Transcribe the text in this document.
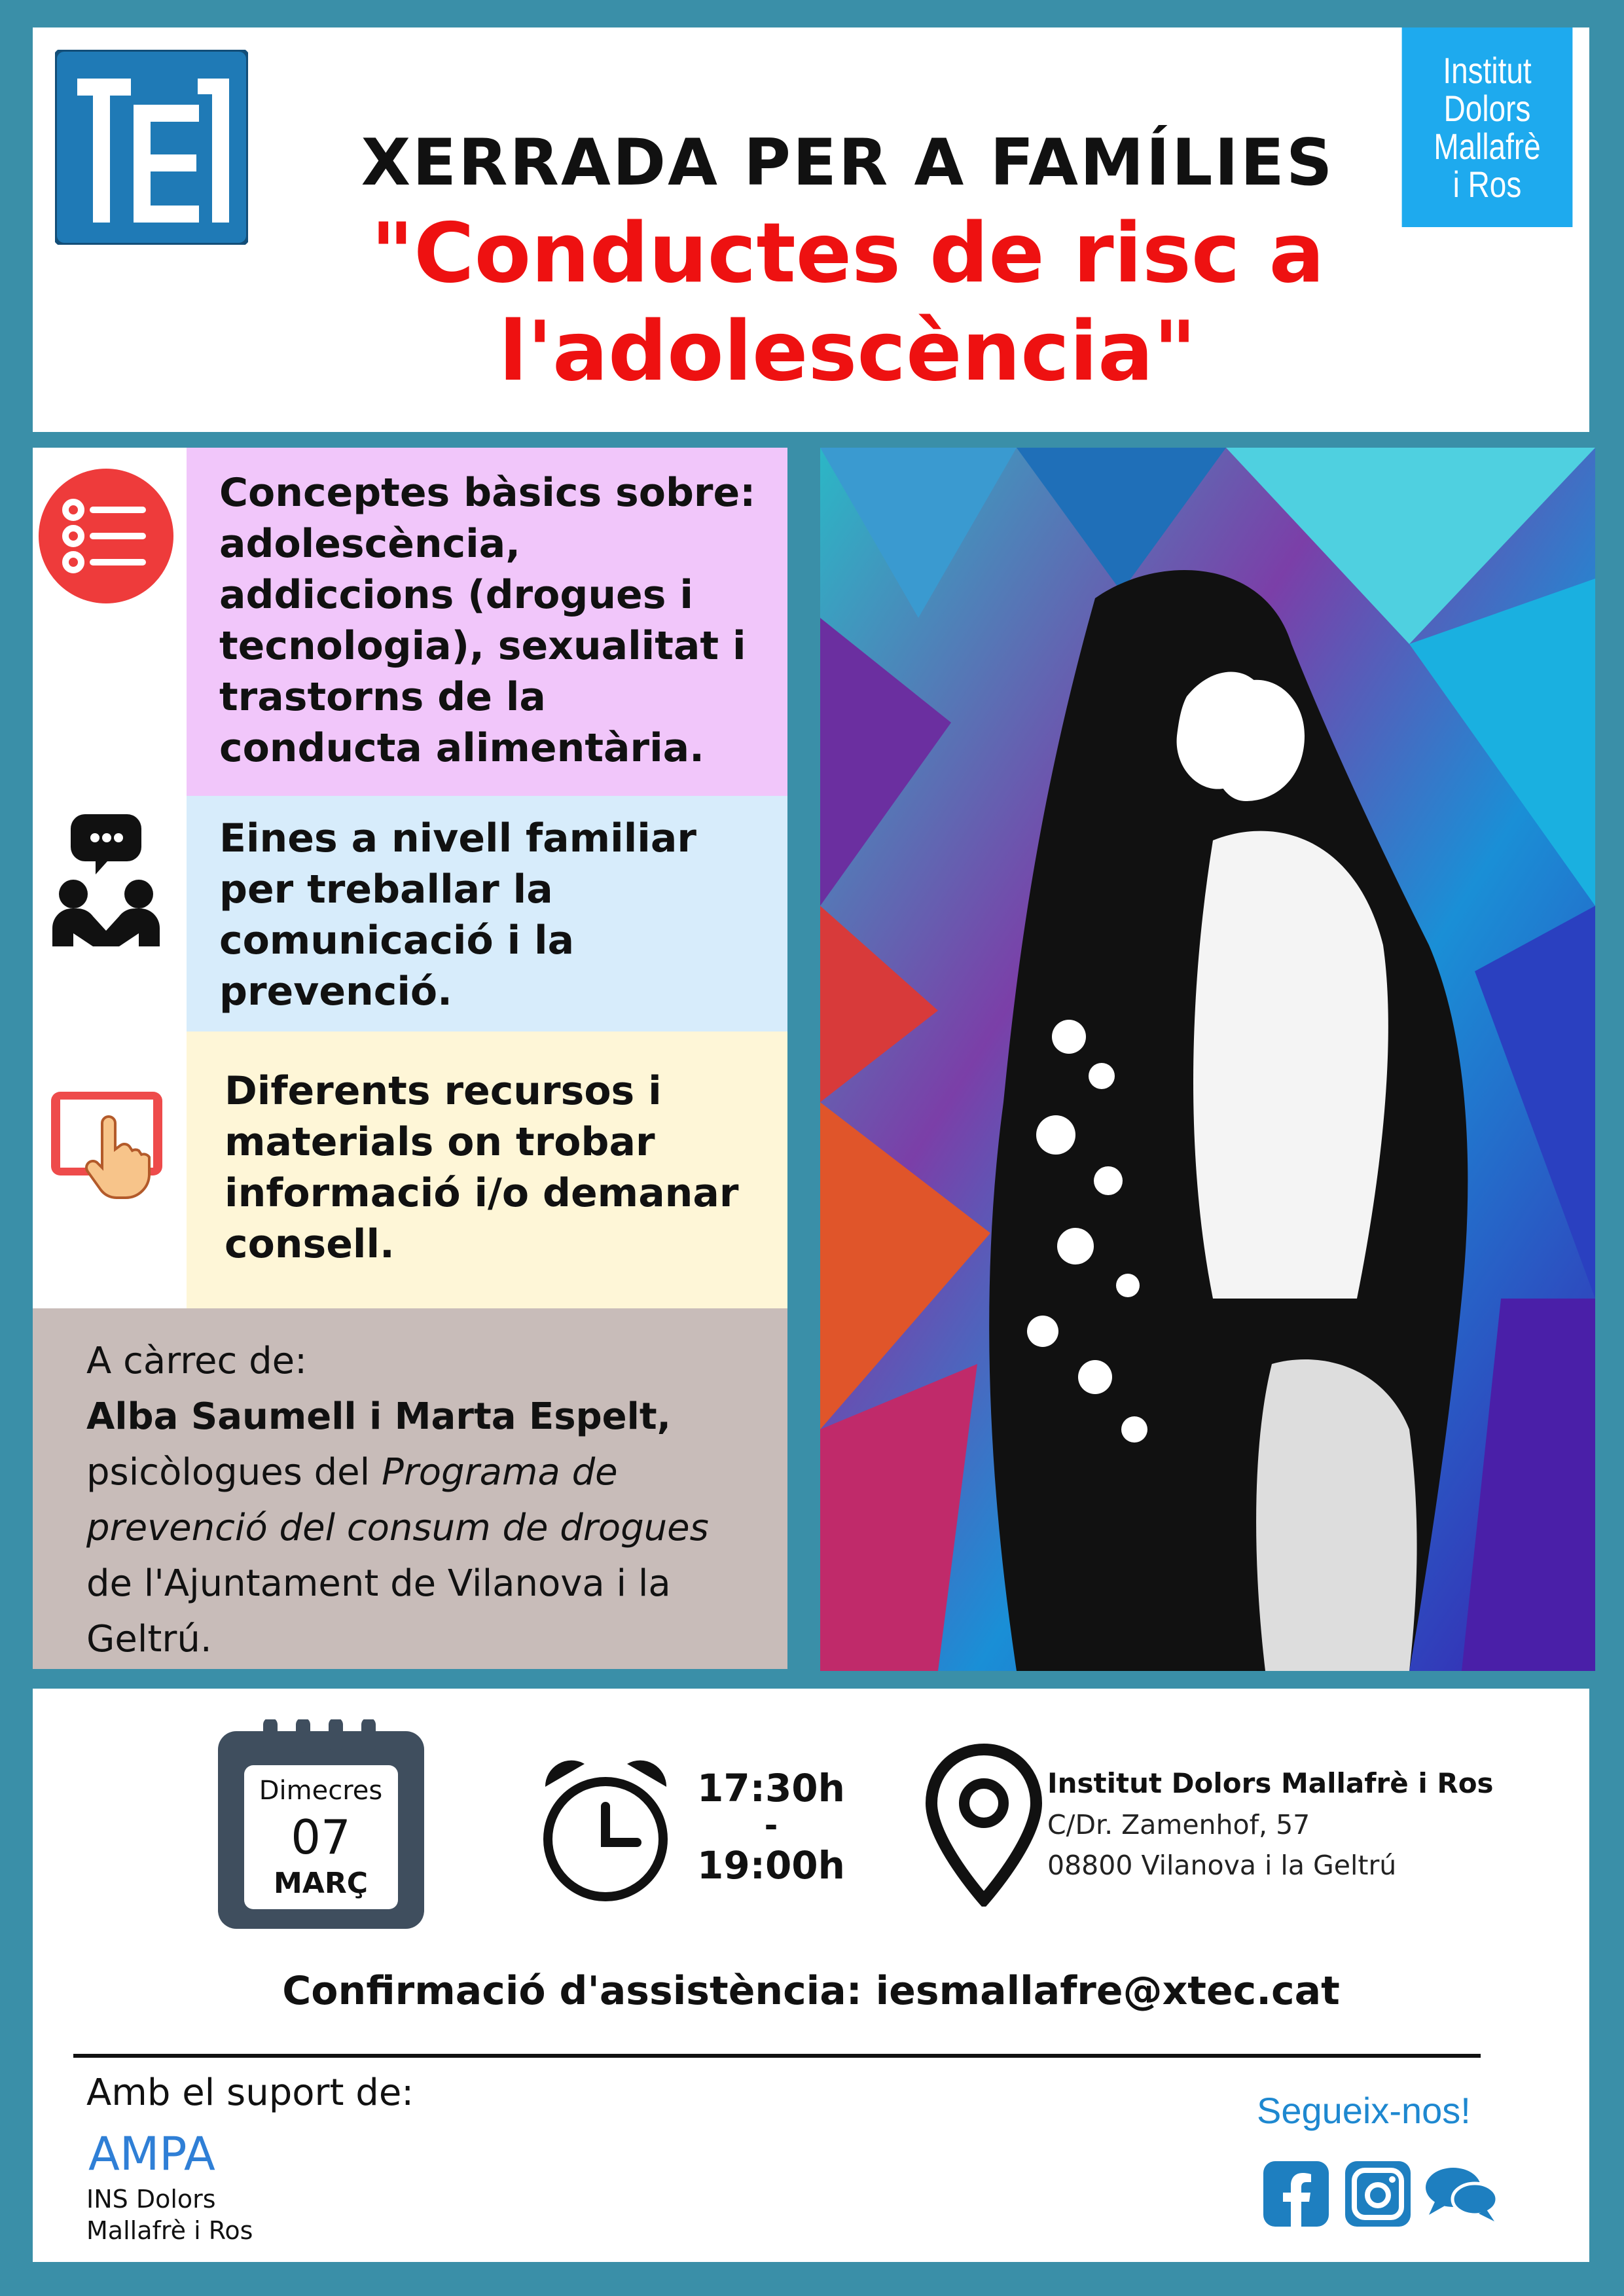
XERRADA PER A FAMÍLIES
"Conductes de risc a
l'adolescència"
Institut
Dolors
Mallafrè
i Ros
Conceptes bàsics sobre: adolescència, addiccions (drogues i tecnologia), sexualitat i trastorns de la conducta alimentària.
Eines a nivell familiar per treballar la comunicació i la prevenció.
Diferents recursos i materials on trobar informació i/o demanar consell.
A càrrec de:
Alba Saumell i Marta Espelt,
psicòlogues del Programa de prevenció del consum de drogues de l'Ajuntament de Vilanova i la Geltrú.
Dimecres
07
MARÇ
17:30h
-
19:00h
Institut Dolors Mallafrè i Ros
C/Dr. Zamenhof, 57
08800 Vilanova i la Geltrú
Confirmació d'assistència: iesmallafre@xtec.cat
Amb el suport de:
AMPA
INS Dolors
Mallafrè i Ros
Segueix-nos!
